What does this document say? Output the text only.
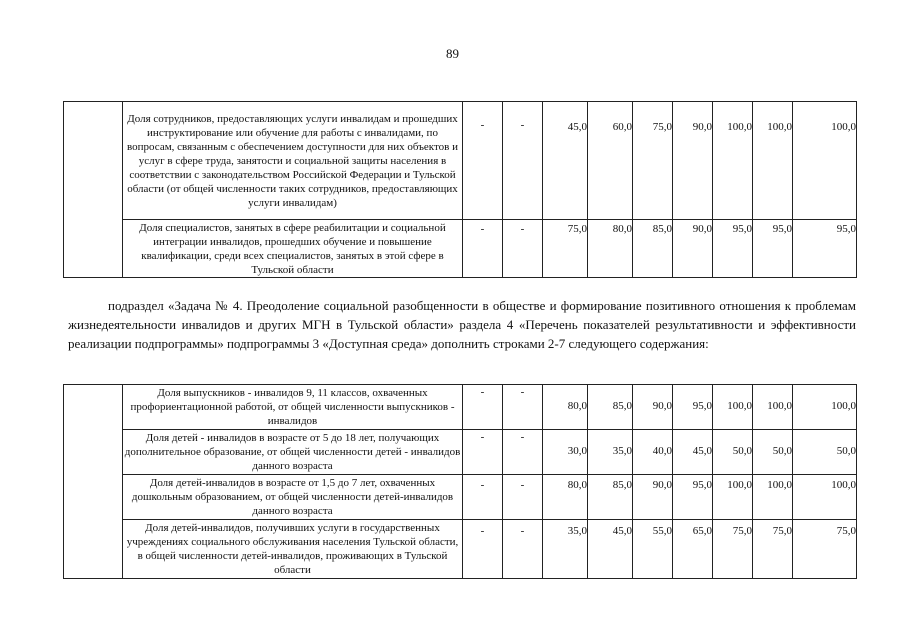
89
	Доля сотрудников, предоставляющих услуги инвалидам и прошедших инструктирование или обучение для работы с инвалидами, по вопросам, связанным с обеспечением доступности для них объектов и услуг в сфере труда, занятости и социальной защиты населения в соответствии с законодательством Российской Федерации и Тульской области (от общей численности таких сотрудников, предоставляющих услуги инвалидам)	-	-	45,0	60,0	75,0	90,0	100,0	100,0	100,0
	Доля специалистов, занятых в сфере реабилитации и социальной интеграции инвалидов, прошедших обучение и повышение квалификации, среди всех специалистов, занятых в этой сфере в Тульской области	-	-	75,0	80,0	85,0	90,0	95,0	95,0	95,0
подраздел «Задача № 4. Преодоление социальной разобщенности в обществе и формирование позитивного отношения к проблемам жизнедеятельности инвалидов и других МГН в Тульской области» раздела 4 «Перечень показателей результативности и эффективности реализации подпрограммы» подпрограммы 3 «Доступная среда» дополнить строками 2-7 следующего содержания:
	Доля выпускников - инвалидов 9, 11 классов, охваченных профориентационной работой, от общей численности выпускников - инвалидов	-	-	80,0	85,0	90,0	95,0	100,0	100,0	100,0
	Доля детей - инвалидов в возрасте от 5 до 18 лет, получающих дополнительное образование, от общей численности детей - инвалидов данного возраста	-	-	30,0	35,0	40,0	45,0	50,0	50,0	50,0
	Доля детей-инвалидов в возрасте от 1,5 до 7 лет, охваченных дошкольным образованием, от общей численности детей-инвалидов данного возраста	-	-	80,0	85,0	90,0	95,0	100,0	100,0	100,0
	Доля детей-инвалидов, получивших услуги в государственных учреждениях социального обслуживания населения Тульской области, в общей численности детей-инвалидов, проживающих в Тульской области	-	-	35,0	45,0	55,0	65,0	75,0	75,0	75,0
